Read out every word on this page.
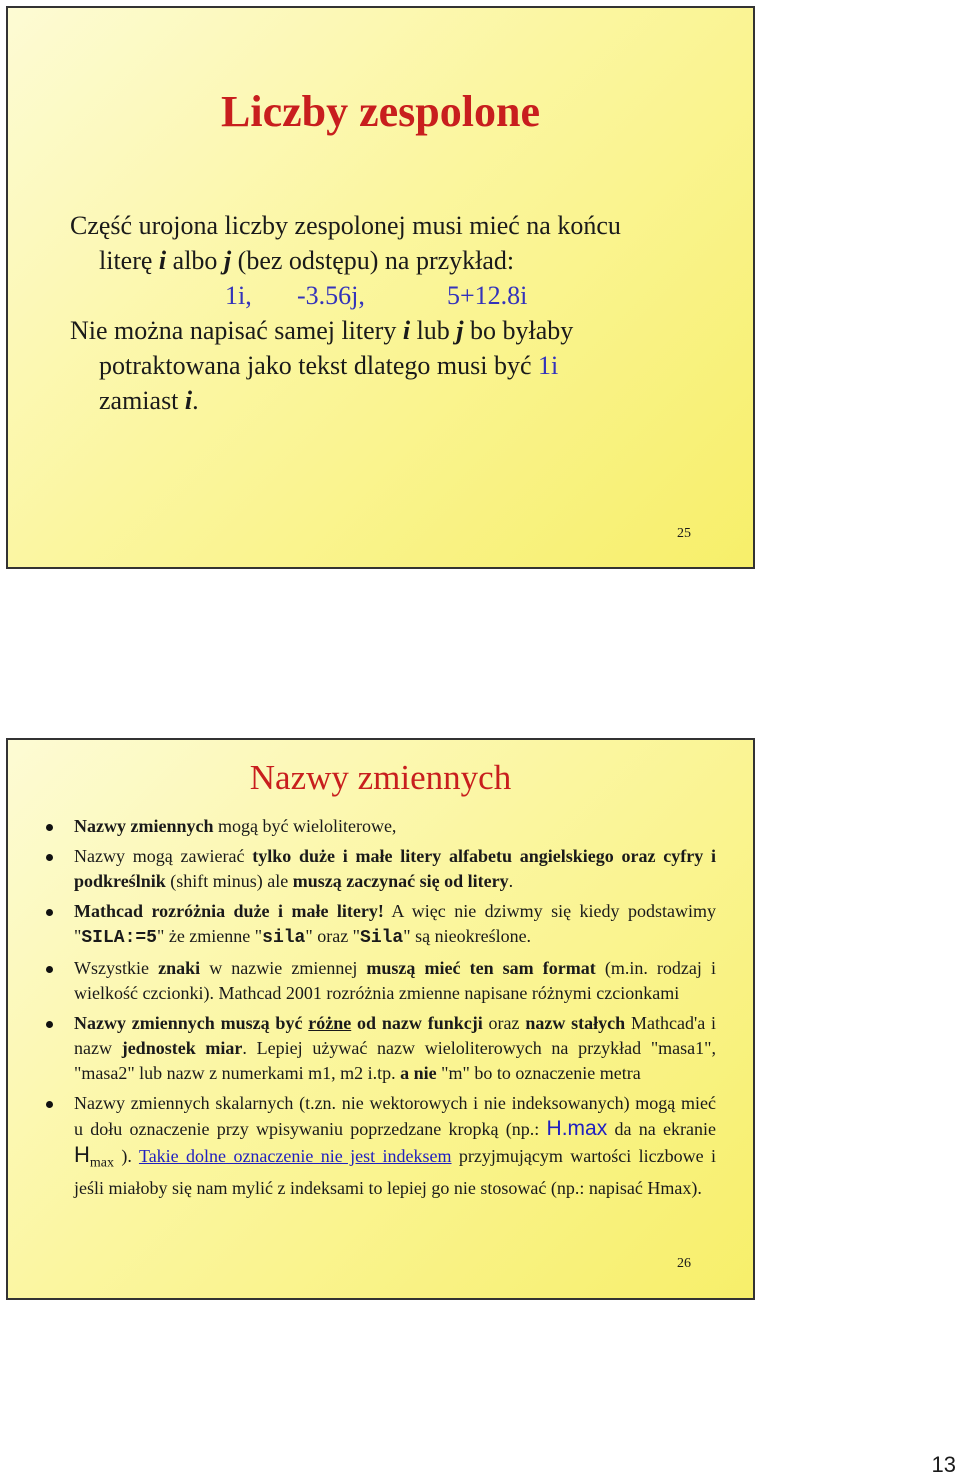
Liczby zespolone

Część urojona liczby zespolonej musi mieć na końcu

literę i albo j (bez odstępu) na przykład:

1i, -3.56j,	5+12.8i

Nie można napisać samej litery i lub j bo byłaby

potraktowana jako tekst dlatego musi być 1i

zamiast i.

25
Nazwy zmiennych
Nazwy zmiennych mogą być wieloliterowe,
Nazwy mogą zawierać tylko duże i małe litery alfabetu angielskiego oraz cyfry i podkreślnik (shift minus) ale muszą zaczynać się od litery.
Mathcad rozróżnia duże i małe litery! A więc nie dziwmy się kiedy podstawimy "SILA:=5" że zmienne "sila" oraz "Sila" są nieokreślone.
Wszystkie znaki w nazwie zmiennej muszą mieć ten sam format (m.in. rodzaj i wielkość czcionki). Mathcad 2001 rozróżnia zmienne napisane różnymi czcionkami
Nazwy zmiennych muszą być różne od nazw funkcji oraz nazw stałych Mathcad'a i nazw jednostek miar. Lepiej używać nazw wieloliterowych na przykład "masa1", "masa2" lub nazw z numerkami m1, m2 i.tp. a nie "m" bo to oznaczenie metra
Nazwy zmiennych skalarnych (t.zn. nie wektorowych i nie indeksowanych) mogą mieć u dołu oznaczenie przy wpisywaniu poprzedzane kropką (np.: H.max da na ekranie $H_{max}$ ). Takie dolne oznaczenie nie jest indeksem przyjmującym wartości liczbowe i jeśli miałoby się nam mylić z indeksami to lepiej go nie stosować (np.: napisać Hmax).
26
13
